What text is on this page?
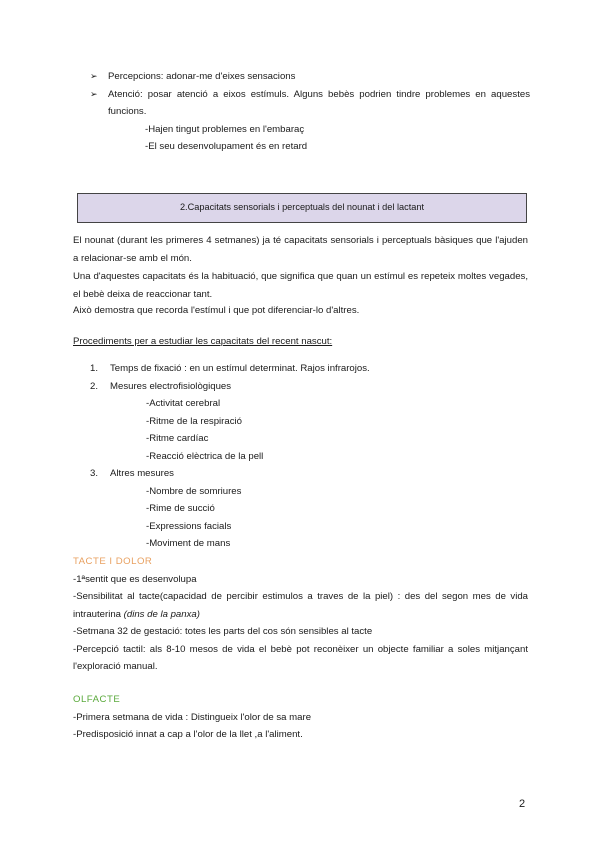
➢ Percepcions: adonar-me d'eixes sensacions

➢ Atenció: posar atenció a eixos estímuls. Alguns bebès podrien tindre problemes en aquestes funcions.

-Hajen tingut problemes en l'embaraç
-El seu desenvolupament és en retard
2.Capacitats sensorials i perceptuals del nounat i del lactant
El nounat (durant les primeres 4 setmanes) ja té capacitats sensorials i perceptuals bàsiques que l'ajuden a relacionar-se amb el món.
Una d'aquestes capacitats és la habituació, que significa que quan un estímul es repeteix moltes vegades, el bebè deixa de reaccionar tant.
Això demostra que recorda l'estímul i que pot diferenciar-lo d'altres.
Procediments per a estudiar les capacitats del recent nascut:
1. Temps de fixació : en un estímul determinat. Rajos infrarojos.
2. Mesures electrofisiològiques
-Activitat cerebral
-Ritme de la respiració
-Ritme cardíac
-Reacció elèctrica de la pell
3. Altres mesures
-Nombre de somriures
-Rime de succió
-Expressions facials
-Moviment de mans
TACTE I DOLOR
-1ªsentit que es desenvolupa
-Sensibilitat al tacte(capacidad de percibir estimulos a traves de la piel) : des del segon mes de vida intrauterina (dins de la panxa)
-Setmana 32 de gestació: totes les parts del cos són sensibles al tacte
-Percepció tactil: als 8-10 mesos de vida el bebè pot reconèixer un objecte familiar a soles mitjançant l'exploració manual.
OLFACTE
-Primera setmana de vida : Distingueix l'olor de sa mare
-Predisposició innat a cap a l'olor de la llet ,a l'aliment.
2
